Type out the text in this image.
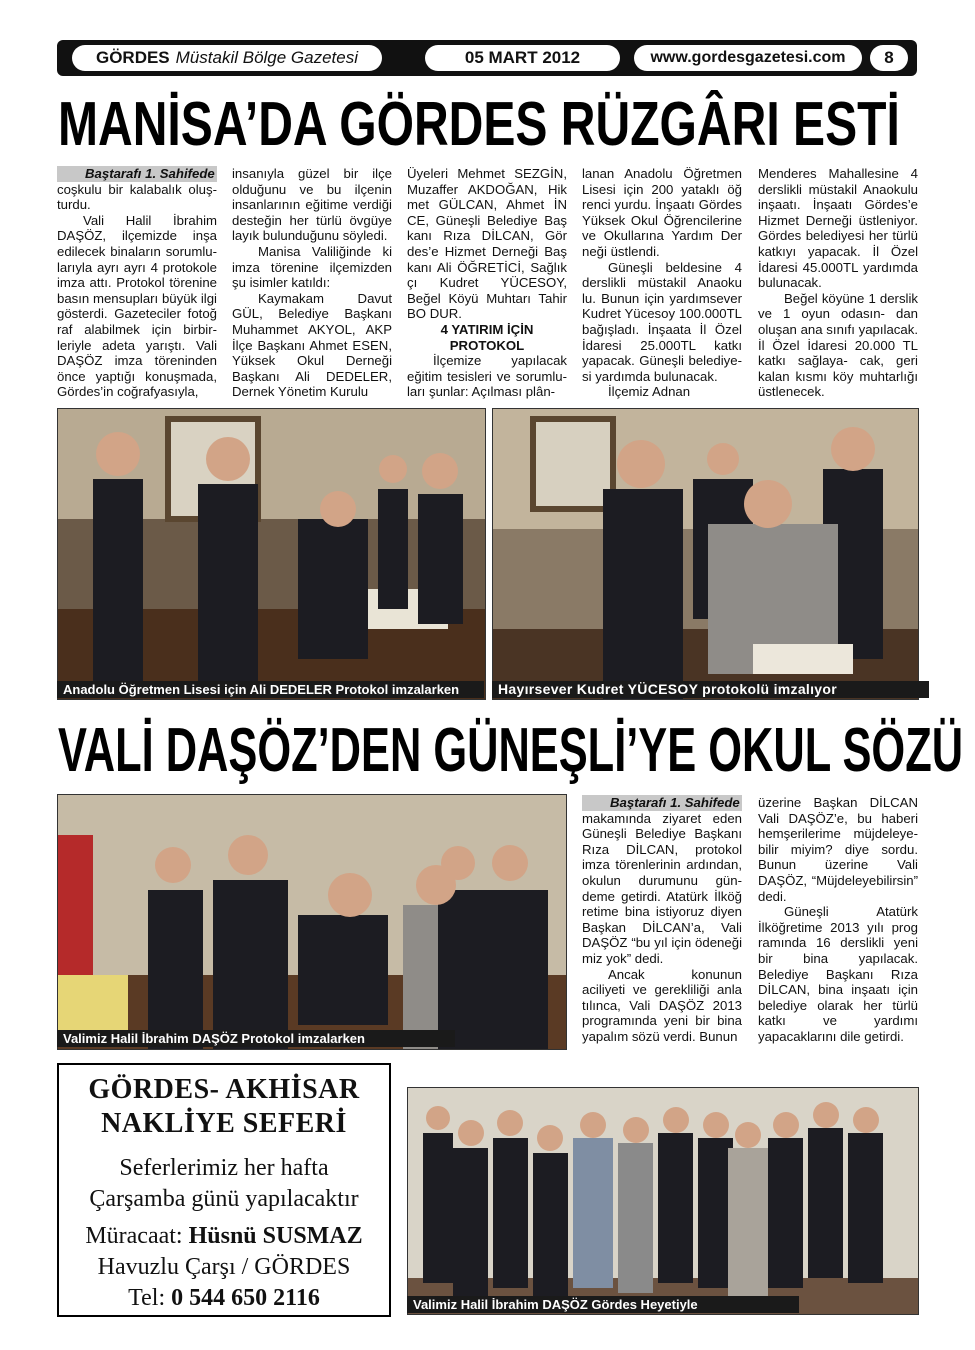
GÖRDES Müstakil Bölge Gazetesi	05 MART 2012	www.gordesgazetesi.com	8
MANİSA’DA GÖRDES RÜZGÂRI ESTİ

Baştarafı 1. Sahifede

coşkulu bir kalabalık oluş- turdu.

Vali Halil İbrahim DAŞÖZ, ilçemizde inşa edilecek binaların sorumlu- larıyla ayrı ayrı 4 protokole imza attı. Protokol törenine basın mensupları büyük ilgi gösterdi. Gazeteciler fotoğ raf alabilmek için birbir- leriyle adeta yarıştı. Vali DAŞÖZ imza töreninden önce yaptığı konuşmada, Gördes’in coğrafyasıyla,

insanıyla güzel bir ilçe olduğunu ve bu ilçenin insanlarının eğitime verdiği desteğin her türlü övgüye layık bulunduğunu söyledi.

Manisa Valiliğinde ki imza törenine ilçemizden şu isimler katıldı:

Kaymakam Davut GÜL, Belediye Başkanı Muhammet AKYOL, AKP İlçe Başkanı Ahmet ESEN, Yüksek Okul Derneği Başkanı Ali DEDELER, Dernek Yönetim Kurulu

Üyeleri Mehmet SEZGİN, Muzaffer AKDOĞAN, Hik met GÜLCAN, Ahmet İN CE, Güneşli Belediye Baş kanı Rıza DİLCAN, Gör des’e Hizmet Derneği Baş kanı Ali ÖĞRETİCİ, Sağlık çı Kudret YÜCESOY, Beğel Köyü Muhtarı Tahir BO DUR.

4 YATIRIM İÇİN

PROTOKOL

İlçemize yapılacak eğitim tesisleri ve sorumlu- ları şunlar: Açılması plân-

lanan Anadolu Öğretmen Lisesi için 200 yataklı öğ renci yurdu. İnşaatı Gördes Yüksek Okul Öğrencilerine ve Okullarına Yardım Der neği üstlendi.

Güneşli beldesine 4 derslikli müstakil Anaoku lu. Bunun için yardımsever Kudret Yücesoy 100.000TL bağışladı. İnşaata İl Özel İdaresi 25.000TL katkı yapacak. Güneşli belediye- si yardımda bulunacak.

İlçemiz Adnan

Menderes Mahallesine 4 derslikli müstakil Anaokulu inşaatı. İnşaatı Gördes’e Hizmet Derneği üstleniyor. Gördes belediyesi her türlü katkıyı yapacak. İl Özel İdaresi 45.000TL yardımda bulunacak.

Beğel köyüne 1 derslik ve 1 oyun odasın- dan oluşan ana sınıfı yapılacak. İl Özel İdaresi 20.000 TL katkı sağlaya- cak, geri kalan kısmı köy muhtarlığı üstlenecek.

Anadolu Öğretmen Lisesi için Ali DEDELER Protokol imzalarken	Hayırsever Kudret YÜCESOY protokolü imzalıyor
VALİ DAŞÖZ’DEN GÜNEŞLİ’YE OKUL SÖZÜ
Valimiz Halil İbrahim DAŞÖZ Protokol imzalarken

Baştarafı 1. Sahifede

makamında ziyaret eden Güneşli Belediye Başkanı Rıza DİLCAN, protokol imza törenlerinin ardından, okulun durumunu gün- deme getirdi. Atatürk İlköğ retime bina istiyoruz diyen Başkan DİLCAN’a, Vali DAŞÖZ “bu yıl için ödeneği miz yok” dedi.

Ancak konunun aciliyeti ve gerekliliği anla tılınca, Vali DAŞÖZ 2013 programında yeni bir bina yapalım sözü verdi. Bunun

üzerine Başkan DİLCAN Vali DAŞÖZ’e, bu haberi hemşerilerime müjdeleye- bilir miyim? diye sordu. Bunun üzerine Vali DAŞÖZ, “Müjdeleyebilirsin” dedi.

Güneşli Atatürk İlköğretime 2013 yılı prog ramında 16 derslikli yeni bir bina yapılacak. Belediye Başkanı Rıza DİLCAN, bina inşaatı için belediye olarak her türlü katkı ve yardımı yapacaklarını dile getirdi.

GÖRDES- AKHİSAR
NAKLİYE SEFERİ
Seferlerimiz her hafta
Çarşamba günü yapılacaktır
Müracaat: Hüsnü SUSMAZ
Havuzlu Çarşı / GÖRDES
Tel: 0 544 650 2116	Valimiz Halil İbrahim DAŞÖZ Gördes Heyetiyle
